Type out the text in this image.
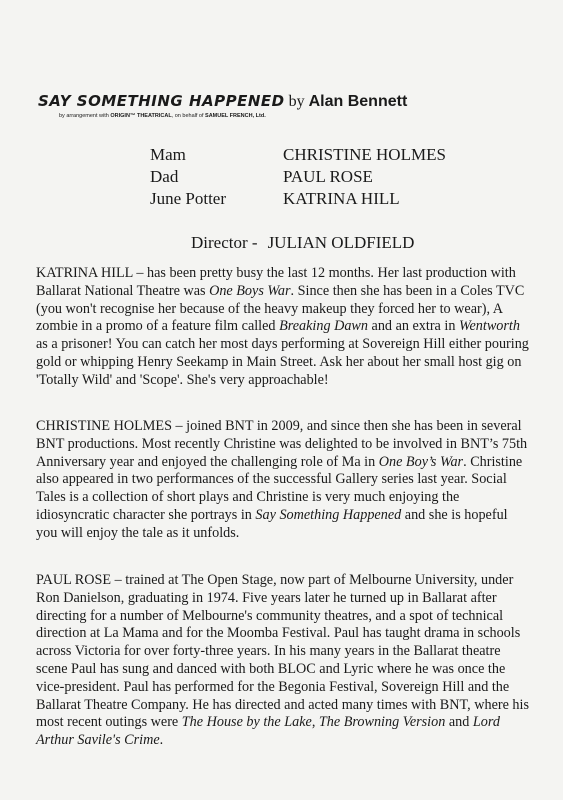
SAY SOMETHING HAPPENED by Alan Bennett
by arrangement with ORIGIN™ THEATRICAL, on behalf of SAMUEL FRENCH, Ltd.
Mam	CHRISTINE HOLMES
Dad	PAUL ROSE
June Potter	KATRINA HILL
Director - JULIAN OLDFIELD

KATRINA HILL – has been pretty busy the last 12 months. Her last production with Ballarat National Theatre was One Boys War. Since then she has been in a Coles TVC (you won't recognise her because of the heavy makeup they forced her to wear), A zombie in a promo of a feature film called Breaking Dawn and an extra in Wentworth as a prisoner! You can catch her most days performing at Sovereign Hill either pouring gold or whipping Henry Seekamp in Main Street. Ask her about her small host gig on 'Totally Wild' and 'Scope'. She's very approachable!

CHRISTINE HOLMES – joined BNT in 2009, and since then she has been in several BNT productions. Most recently Christine was delighted to be involved in BNT’s 75th Anniversary year and enjoyed the challenging role of Ma in One Boy’s War. Christine also appeared in two performances of the successful Gallery series last year. Social Tales is a collection of short plays and Christine is very much enjoying the idiosyncratic character she portrays in Say Something Happened and she is hopeful you will enjoy the tale as it unfolds.

PAUL ROSE – trained at The Open Stage, now part of Melbourne University, under Ron Danielson, graduating in 1974. Five years later he turned up in Ballarat after directing for a number of Melbourne's community theatres, and a spot of technical direction at La Mama and for the Moomba Festival. Paul has taught drama in schools across Victoria for over forty-three years. In his many years in the Ballarat theatre scene Paul has sung and danced with both BLOC and Lyric where he was once the vice-president. Paul has performed for the Begonia Festival, Sovereign Hill and the Ballarat Theatre Company. He has directed and acted many times with BNT, where his most recent outings were The House by the Lake, The Browning Version and Lord Arthur Savile's Crime.
